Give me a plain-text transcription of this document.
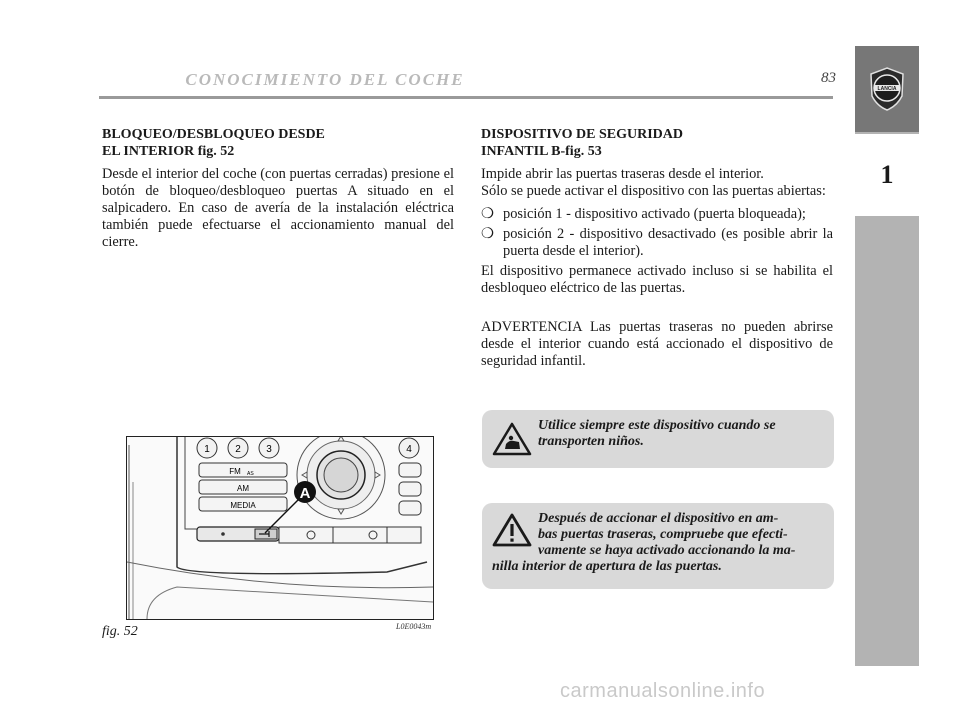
CONOCIMIENTO DEL COCHE	83
LANCIA
1
BLOQUEO/DESBLOQUEO DESDE
EL INTERIOR fig. 52

Desde el interior del coche (con puertas cerradas) presione el botón de bloqueo/desbloqueo puertas A situado en el salpicadero. En caso de avería de la instalación eléctrica también puede efectuarse el accionamiento manual del cierre.

DISPOSITIVO DE SEGURIDAD
INFANTIL B-fig. 53
Impide abrir las puertas traseras desde el interior.

Sólo se puede activar el dispositivo con las puertas abiertas:

❍ posición 1 - dispositivo activado (puerta bloqueada);
❍ posición 2 - dispositivo desactivado (es posible abrir la puerta desde el interior).

El dispositivo permanece activado incluso si se habilita el desbloqueo eléctrico de las puertas.

ADVERTENCIA Las puertas traseras no pueden abrirse desde el interior cuando está accionado el dispositivo de seguridad infantil.

Utilice siempre este dispositivo cuando se transporten niños.
Después de accionar el dispositivo en am-
bas puertas traseras, compruebe que efecti-
vamente se haya activado accionando la ma-
nilla interior de apertura de las puertas.
1	2	3	4
FM AS
AM
MEDIA
A
fig. 52	L0E0043m
carmanualsonline.info
